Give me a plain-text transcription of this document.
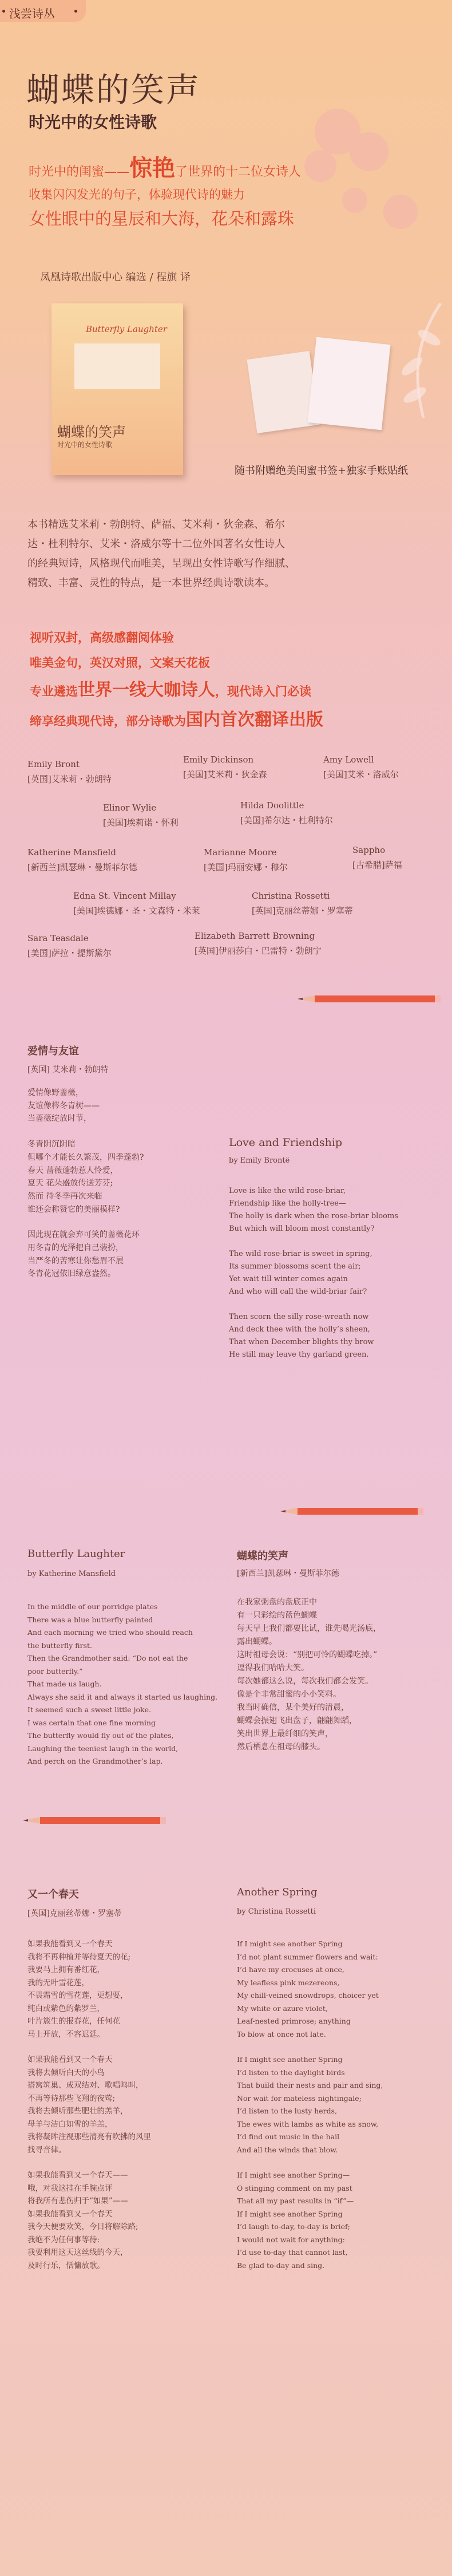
浅尝诗丛
蝴蝶的笑声
时光中的女性诗歌
时光中的闺蜜——惊艳了世界的十二位女诗人
收集闪闪发光的句子，体验现代诗的魅力
女性眼中的星辰和大海，花朵和露珠
凤凰诗歌出版中心 编选 / 程旗 译
Butterfly Laughter
蝴蝶的笑声
时光中的女性诗歌
随书附赠绝美闺蜜书签+独家手账贴纸
本书精选艾米莉・勃朗特、萨福、艾米莉・狄金森、希尔
达・杜利特尔、艾米・洛威尔等十二位外国著名女性诗人
的经典短诗，风格现代而唯美，呈现出女性诗歌写作细腻、
精致、丰富、灵性的特点，是一本世界经典诗歌读本。
视听双封，高级感翻阅体验
唯美金句，英汉对照，文案天花板
专业遴选世界一线大咖诗人，现代诗入门必读
缔享经典现代诗，部分诗歌为国内首次翻译出版
Emily Bront
[英国]艾米莉・勃朗特
Emily Dickinson
[美国]艾米莉・狄金森
Amy Lowell
[美国]艾米・洛威尔
Elinor Wylie
[美国]埃莉诺・怀利
Hilda Doolittle
[美国]希尔达・杜利特尔
Katherine Mansfield
[新西兰]凯瑟琳・曼斯菲尔德
Marianne Moore
[美国]玛丽安娜・穆尔
Sappho
[古希腊]萨福
Edna St. Vincent Millay
[美国]埃德娜・圣・文森特・米莱
Christina Rossetti
[英国]克丽丝蒂娜・罗塞蒂
Sara Teasdale
[美国]萨拉・提斯黛尔
Elizabeth Barrett Browning
[英国]伊丽莎白・巴雷特・勃朗宁
爱情与友谊
[英国] 艾米莉・勃朗特
爱情像野蔷薇，
友谊像梣冬青树——
当蔷薇绽放时节，
冬青阴沉阴暗
但哪个才能长久繁茂，四季蓬勃?
春天 蔷薇蓬勃惹人怜爱，
夏天 花朵盛放传送芳芬;
然而 待冬季再次来临
谁还会称赞它的美丽模样?
因此现在就会弃可笑的蔷薇花环
用冬青的光泽把自己装扮，
当严冬的苦寒让你愁眉不展
冬青花冠依旧绿意盎然。
Love and Friendship
by Emily Brontë
Love is like the wild rose-briar,
Friendship like the holly-tree—
The holly is dark when the rose-briar blooms
But which will bloom most constantly?
The wild rose-briar is sweet in spring,
Its summer blossoms scent the air;
Yet wait till winter comes again
And who will call the wild-briar fair?
Then scorn the silly rose-wreath now
And deck thee with the holly’s sheen,
That when December blights thy brow
He still may leave thy garland green.
Butterfly Laughter
by Katherine Mansfield
In the middle of our porridge plates
There was a blue butterfly painted
And each morning we tried who should reach
the butterfly first.
Then the Grandmother said: “Do not eat the
poor butterfly.”
That made us laugh.
Always she said it and always it started us laughing.
It seemed such a sweet little joke.
I was certain that one fine morning
The butterfly would fly out of the plates,
Laughing the teeniest laugh in the world,
And perch on the Grandmother’s lap.
蝴蝶的笑声
[新西兰]凯瑟琳・曼斯菲尔德
在我家粥盘的盘底正中
有一只彩绘的蓝色蝴蝶
每天早上我们都要比试，谁先喝光汤底，
露出蝴蝶。
这时祖母会说：“别把可怜的蝴蝶吃掉。”
逗得我们哈哈大笑。
每次她都这么说，每次我们都会发笑。
像是个非常甜蜜的小小笑料。
我当时确信，某个美好的清晨，
蝴蝶会振翅飞出盘子，翩翩舞蹈，
笑出世界上最纤细的笑声，
然后栖息在祖母的膝头。
又一个春天
[英国]克丽丝蒂娜・罗塞蒂
如果我能看到又一个春天
我将不再种植并等待夏天的花;
我要马上拥有番红花，
我的无叶雪花莲，
不畏霜雪的雪花莲，更想要，
纯白或紫色的紫罗兰，
叶片簇生的报春花，任何花
马上开放，不容迟延。
如果我能看到又一个春天
我将去倾听白天的小鸟
搭窝筑巢、成双结对、歌唱鸣叫，
不再等待那些飞翔的夜莺;
我将去倾听那些肥壮的羔羊，
母羊与洁白如雪的羊羔，
我将凝眸注视那些清亮有吹拂的风里
找寻音律。
如果我能看到又一个春天——
哦，对我这挂在手腕点评
将我所有悲伤归于“如果”——
如果我能看到又一个春天
我今天便要欢笑，今日将解除路;
我绝不为任何事等待:
我要利用这天这丝线的今天，
及时行乐，恬慵放歌。
Another Spring
by Christina Rossetti
If I might see another Spring
I’d not plant summer flowers and wait:
I’d have my crocuses at once,
My leafless pink mezereons,
My chill-veined snowdrops, choicer yet
My white or azure violet,
Leaf-nested primrose; anything
To blow at once not late.
If I might see another Spring
I’d listen to the daylight birds
That build their nests and pair and sing,
Nor wait for mateless nightingale;
I’d listen to the lusty herds,
The ewes with lambs as white as snow,
I’d find out music in the hail
And all the winds that blow.
If I might see another Spring—
O stinging comment on my past
That all my past results in “if”—
If I might see another Spring
I’d laugh to-day, to-day is brief;
I would not wait for anything:
I’d use to-day that cannot last,
Be glad to-day and sing.
